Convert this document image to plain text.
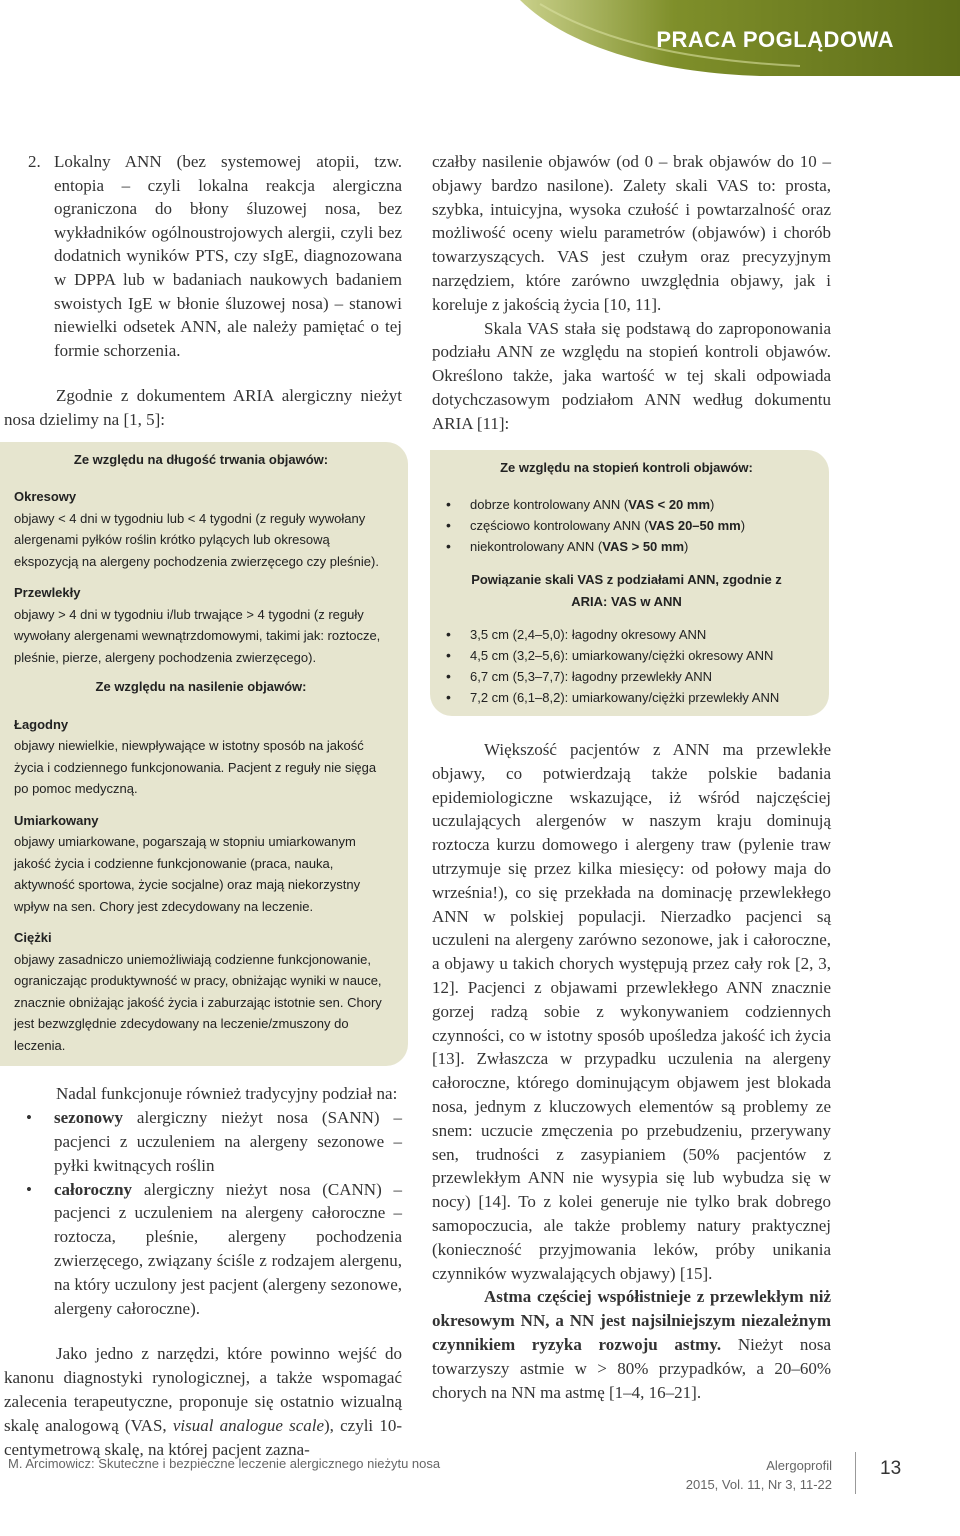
PRACA POGLĄDOWA
2. Lokalny ANN (bez systemowej atopii, tzw. entopia – czyli lokalna reakcja alergiczna ograniczona do błony śluzowej nosa, bez wykładników ogólnoustrojowych alergii, czyli bez dodatnich wyników PTS, czy sIgE, diagnozowana w DPPA lub w badaniach naukowych badaniem swoistych IgE w błonie śluzowej nosa) – stanowi niewielki odsetek ANN, ale należy pamiętać o tej formie schorzenia.

Zgodnie z dokumentem ARIA alergiczny nieżyt nosa dzielimy na [1, 5]:

Ze względu na długość trwania objawów:
Okresowy
objawy < 4 dni w tygodniu lub < 4 tygodni (z reguły wywołany alergenami pyłków roślin krótko pylących lub okresową ekspozycją na alergeny pochodzenia zwierzęcego czy pleśnie).
Przewlekły
objawy > 4 dni w tygodniu i/lub trwające > 4 tygodni (z reguły wywołany alergenami wewnątrzdomowymi, takimi jak: roztocze, pleśnie, pierze, alergeny pochodzenia zwierzęcego).
Ze względu na nasilenie objawów:
Łagodny
objawy niewielkie, niewpływające w istotny sposób na jakość życia i codziennego funkcjonowania. Pacjent z reguły nie sięga po pomoc medyczną.
Umiarkowany
objawy umiarkowane, pogarszają w stopniu umiarkowanym jakość życia i codzienne funkcjonowanie (praca, nauka, aktywność sportowa, życie socjalne) oraz mają niekorzystny wpływ na sen. Chory jest zdecydowany na leczenie.
Ciężki
objawy zasadniczo uniemożliwiają codzienne funkcjonowanie, ograniczając produktywność w pracy, obniżając wyniki w nauce, znacznie obniżając jakość życia i zaburzając istotnie sen. Chory jest bezwzględnie zdecydowany na leczenie/zmuszony do leczenia.

Nadal funkcjonuje również tradycyjny podział na:

•	sezonowy alergiczny nieżyt nosa (SANN) – pacjenci z uczuleniem na alergeny sezonowe – pyłki kwitnących roślin
•	całoroczny alergiczny nieżyt nosa (CANN) – pacjenci z uczuleniem na alergeny całoroczne – roztocza, pleśnie, alergeny pochodzenia zwierzęcego, związany ściśle z rodzajem alergenu, na który uczulony jest pacjent (alergeny sezonowe, alergeny całoroczne).

Jako jedno z narzędzi, które powinno wejść do kanonu diagnostyki rynologicznej, a także wspomagać zalecenia terapeutyczne, proponuje się ostatnio wizualną skalę analogową (VAS, visual analogue scale), czyli 10-centymetrową skalę, na której pacjent zazna-

czałby nasilenie objawów (od 0 – brak objawów do 10 – objawy bardzo nasilone). Zalety skali VAS to: prosta, szybka, intuicyjna, wysoka czułość i powtarzalność oraz możliwość oceny wielu parametrów (objawów) i chorób towarzyszących. VAS jest czułym oraz precyzyjnym narzędziem, które zarówno uwzględnia objawy, jak i koreluje z jakością życia [10, 11].

Skala VAS stała się podstawą do zaproponowania podziału ANN ze względu na stopień kontroli objawów. Określono także, jaka wartość w tej skali odpowiada dotychczasowym podziałom ANN według dokumentu ARIA [11]:

Ze względu na stopień kontroli objawów:
• dobrze kontrolowany ANN (VAS < 20 mm)
• częściowo kontrolowany ANN (VAS 20–50 mm)
• niekontrolowany ANN (VAS > 50 mm)
Powiązanie skali VAS z podziałami ANN, zgodnie z ARIA: VAS w ANN
• 3,5 cm (2,4–5,0): łagodny okresowy ANN
• 4,5 cm (3,2–5,6): umiarkowany/ciężki okresowy ANN
• 6,7 cm (5,3–7,7): łagodny przewlekły ANN
• 7,2 cm (6,1–8,2): umiarkowany/ciężki przewlekły ANN

Większość pacjentów z ANN ma przewlekłe objawy, co potwierdzają także polskie badania epidemiologiczne wskazujące, iż wśród najczęściej uczulających alergenów w naszym kraju dominują roztocza kurzu domowego i alergeny traw (pylenie traw utrzymuje się przez kilka miesięcy: od połowy maja do września!), co się przekłada na dominację przewlekłego ANN w polskiej populacji. Nierzadko pacjenci są uczuleni na alergeny zarówno sezonowe, jak i całoroczne, a objawy u takich chorych występują przez cały rok [2, 3, 12]. Pacjenci z objawami przewlekłego ANN znacznie gorzej radzą sobie z wykonywaniem codziennych czynności, co w istotny sposób upośledza jakość ich życia [13]. Zwłaszcza w przypadku uczulenia na alergeny całoroczne, którego dominującym objawem jest blokada nosa, jednym z kluczowych elementów są problemy ze snem: uczucie zmęczenia po przebudzeniu, przerywany sen, trudności z zasypianiem (50% pacjentów z przewlekłym ANN nie wysypia się lub wybudza się w nocy) [14]. To z kolei generuje nie tylko brak dobrego samopoczucia, ale także problemy natury praktycznej (konieczność przyjmowania leków, próby unikania czynników wyzwalających objawy) [15].

Astma częściej współistnieje z przewlekłym niż okresowym NN, a NN jest najsilniejszym niezależnym czynnikiem ryzyka rozwoju astmy. Nieżyt nosa towarzyszy astmie w > 80% przypadków, a 20–60% chorych na NN ma astmę [1–4, 16–21].

M. Arcimowicz: Skuteczne i bezpieczne leczenie alergicznego nieżytu nosa	Alergoprofil
2015, Vol. 11, Nr 3, 11-22
13
